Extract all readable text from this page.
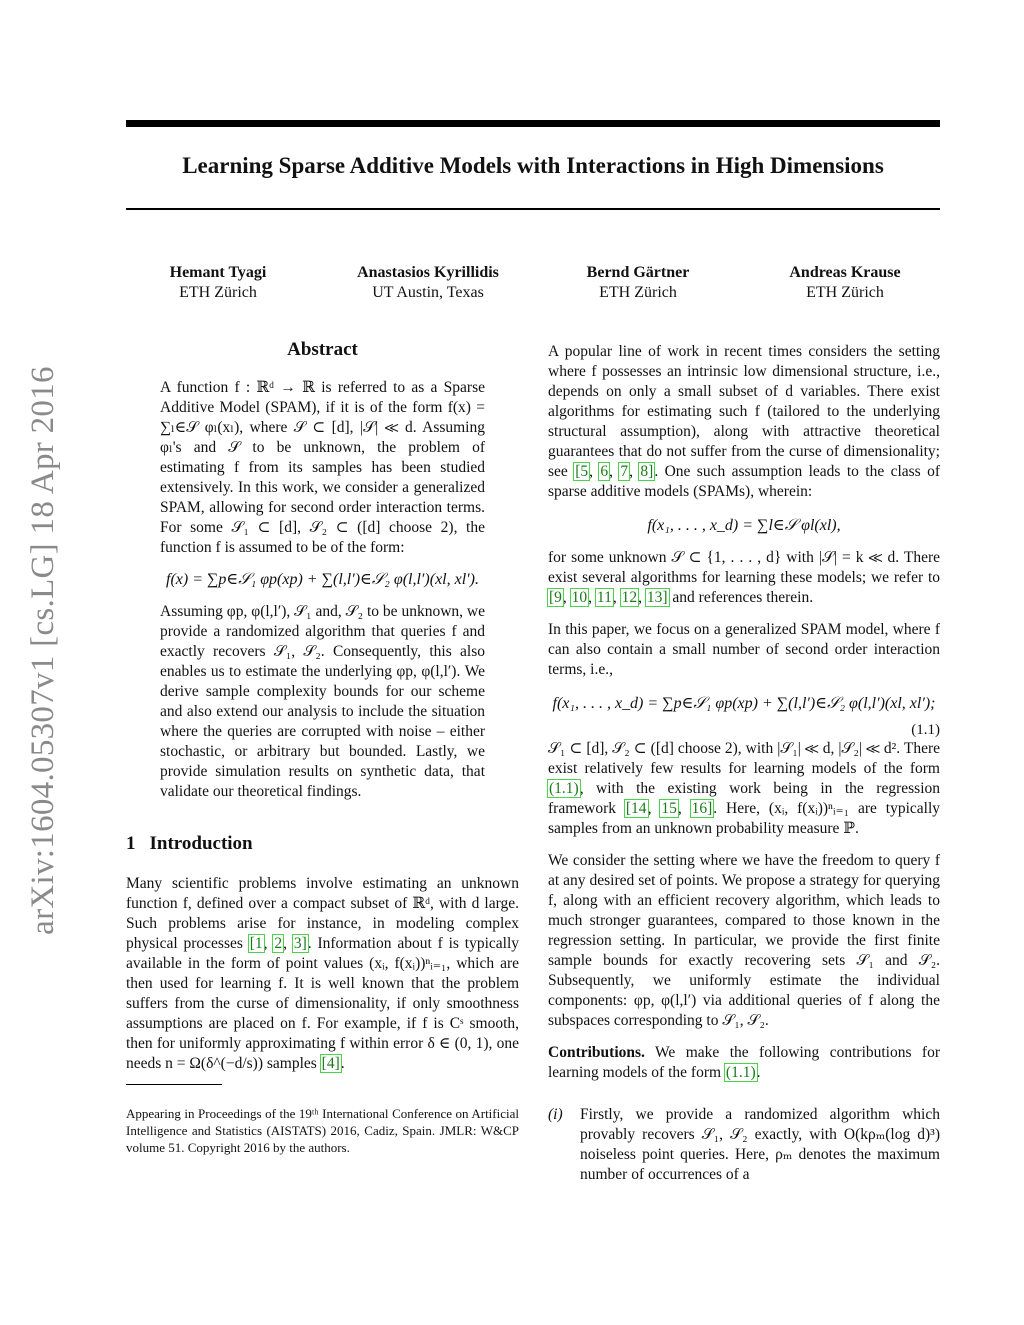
arXiv:1604.05307v1 [cs.LG] 18 Apr 2016
Learning Sparse Additive Models with Interactions in High Dimensions
Hemant Tyagi
ETH Zürich
Anastasios Kyrillidis
UT Austin, Texas
Bernd Gärtner
ETH Zürich
Andreas Krause
ETH Zürich
Abstract

A function f : ℝᵈ → ℝ is referred to as a Sparse Additive Model (SPAM), if it is of the form f(x) = ∑ₗ∈𝒮 φₗ(xₗ), where 𝒮 ⊂ [d], |𝒮| ≪ d. Assuming φₗ's and 𝒮 to be unknown, the problem of estimating f from its samples has been studied extensively. In this work, we consider a generalized SPAM, allowing for second order interaction terms. For some 𝒮₁ ⊂ [d], 𝒮₂ ⊂ ([d] choose 2), the function f is assumed to be of the form:

f(x) = ∑p∈𝒮₁ φp(xp) + ∑(l,l′)∈𝒮₂ φ(l,l′)(xl, xl′).

Assuming φp, φ(l,l′), 𝒮₁ and, 𝒮₂ to be unknown, we provide a randomized algorithm that queries f and exactly recovers 𝒮₁, 𝒮₂. Consequently, this also enables us to estimate the underlying φp, φ(l,l′). We derive sample complexity bounds for our scheme and also extend our analysis to include the situation where the queries are corrupted with noise – either stochastic, or arbitrary but bounded. Lastly, we provide simulation results on synthetic data, that validate our theoretical findings.

1 Introduction

Many scientific problems involve estimating an unknown function f, defined over a compact subset of ℝᵈ, with d large. Such problems arise for instance, in modeling complex physical processes [1, 2, 3]. Information about f is typically available in the form of point values (xᵢ, f(xᵢ))ⁿᵢ₌₁, which are then used for learning f. It is well known that the problem suffers from the curse of dimensionality, if only smoothness assumptions are placed on f. For example, if f is Cˢ smooth, then for uniformly approximating f within error δ ∈ (0, 1), one needs n = Ω(δ^(−d/s)) samples [4].

Appearing in Proceedings of the 19ᵗʰ International Conference on Artificial Intelligence and Statistics (AISTATS) 2016, Cadiz, Spain. JMLR: W&CP volume 51. Copyright 2016 by the authors.

A popular line of work in recent times considers the setting where f possesses an intrinsic low dimensional structure, i.e., depends on only a small subset of d variables. There exist algorithms for estimating such f (tailored to the underlying structural assumption), along with attractive theoretical guarantees that do not suffer from the curse of dimensionality; see [5, 6, 7, 8]. One such assumption leads to the class of sparse additive models (SPAMs), wherein:

f(x₁, . . . , x_d) = ∑l∈𝒮 φl(xl),

for some unknown 𝒮 ⊂ {1, . . . , d} with |𝒮| = k ≪ d. There exist several algorithms for learning these models; we refer to [9, 10, 11, 12, 13] and references therein.

In this paper, we focus on a generalized SPAM model, where f can also contain a small number of second order interaction terms, i.e.,

f(x₁, . . . , x_d) = ∑p∈𝒮₁ φp(xp) + ∑(l,l′)∈𝒮₂ φ(l,l′)(xl, xl′);
(1.1)

𝒮₁ ⊂ [d], 𝒮₂ ⊂ ([d] choose 2), with |𝒮₁| ≪ d, |𝒮₂| ≪ d². There exist relatively few results for learning models of the form (1.1), with the existing work being in the regression framework [14, 15, 16]. Here, (xᵢ, f(xᵢ))ⁿᵢ₌₁ are typically samples from an unknown probability measure ℙ.

We consider the setting where we have the freedom to query f at any desired set of points. We propose a strategy for querying f, along with an efficient recovery algorithm, which leads to much stronger guarantees, compared to those known in the regression setting. In particular, we provide the first finite sample bounds for exactly recovering sets 𝒮₁ and 𝒮₂. Subsequently, we uniformly estimate the individual components: φp, φ(l,l′) via additional queries of f along the subspaces corresponding to 𝒮₁, 𝒮₂.

Contributions. We make the following contributions for learning models of the form (1.1).

(i)	Firstly, we provide a randomized algorithm which provably recovers 𝒮₁, 𝒮₂ exactly, with O(kρₘ(log d)³) noiseless point queries. Here, ρₘ denotes the maximum number of occurrences of a
